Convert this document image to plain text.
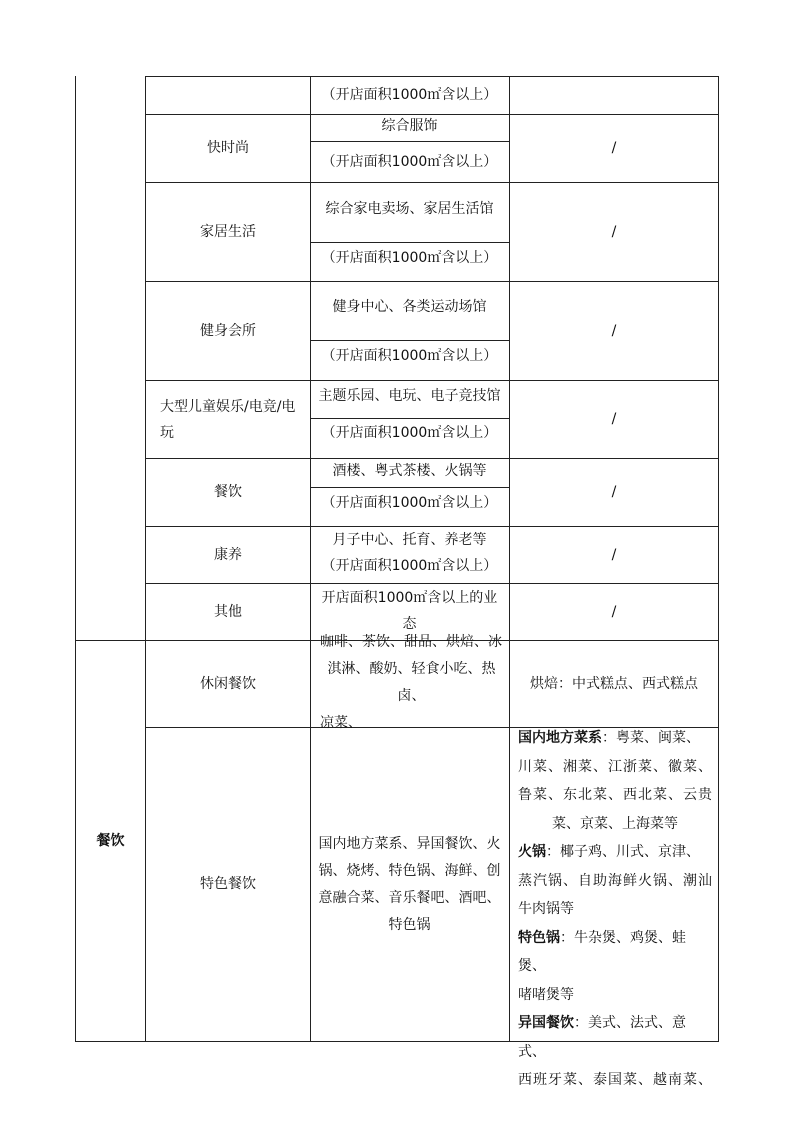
（开店面积1000㎡含以上）
快时尚
综合服饰
（开店面积1000㎡含以上）
/
家居生活
综合家电卖场、家居生活馆
（开店面积1000㎡含以上）
/
健身会所
健身中心、各类运动场馆
（开店面积1000㎡含以上）
/
大型儿童娱乐/电竞/电
玩
主题乐园、电玩、电子竞技馆
（开店面积1000㎡含以上）
/
餐饮
酒楼、粤式茶楼、火锅等
（开店面积1000㎡含以上）
/
康养
月子中心、托育、养老等
（开店面积1000㎡含以上）
/
其他
开店面积1000㎡含以上的业
态
/
餐饮
休闲餐饮
咖啡、茶饮、甜品、烘焙、冰
淇淋、酸奶、轻食小吃、热卤、
凉菜、
烘焙：中式糕点、西式糕点
特色餐饮
国内地方菜系、异国餐饮、火
锅、烧烤、特色锅、海鲜、创
意融合菜、音乐餐吧、酒吧、
特色锅
国内地方菜系：粤菜、闽菜、
川菜、湘菜、江浙菜、徽菜、
鲁菜、东北菜、西北菜、云贵
菜、京菜、上海菜等
火锅：椰子鸡、川式、京津、
蒸汽锅、自助海鲜火锅、潮汕
牛肉锅等
特色锅：牛杂煲、鸡煲、蛙煲、
啫啫煲等
异国餐饮：美式、法式、意式、
西班牙菜、泰国菜、越南菜、
